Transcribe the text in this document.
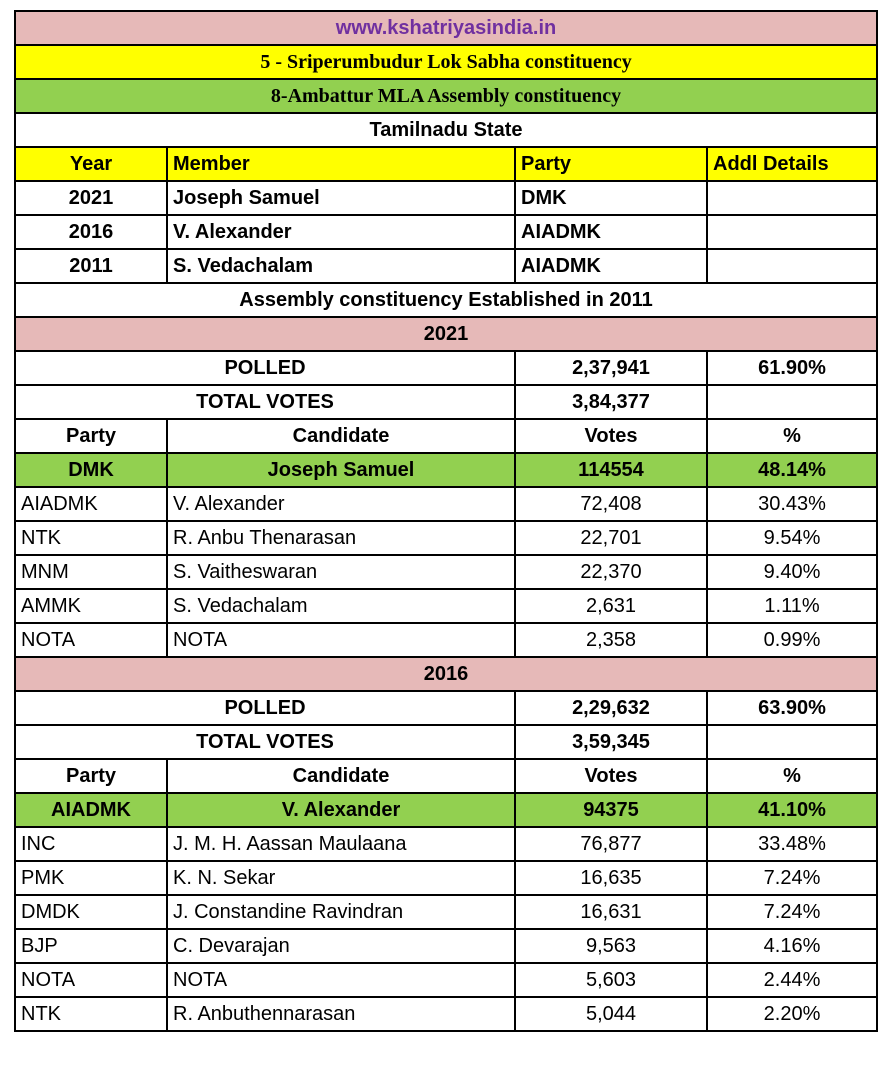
www.kshatriyasindia.in			
5 - Sriperumbudur Lok Sabha constituency			
8-Ambattur MLA Assembly constituency			
Tamilnadu State			
Year	Member	Party	Addl Details
2021	Joseph Samuel	DMK	
2016	V. Alexander	AIADMK	
2011	S. Vedachalam	AIADMK	
Assembly constituency Established in 2011			
2021			
POLLED		2,37,941	61.90%
TOTAL VOTES		3,84,377	
Party	Candidate	Votes	%
DMK	Joseph Samuel	114554	48.14%
AIADMK	V. Alexander	72,408	30.43%
NTK	R. Anbu Thenarasan	22,701	9.54%
MNM	S. Vaitheswaran	22,370	9.40%
AMMK	S. Vedachalam	2,631	1.11%
NOTA	NOTA	2,358	0.99%
2016			
POLLED		2,29,632	63.90%
TOTAL VOTES		3,59,345	
Party	Candidate	Votes	%
AIADMK	V. Alexander	94375	41.10%
INC	J. M. H. Aassan Maulaana	76,877	33.48%
PMK	K. N. Sekar	16,635	7.24%
DMDK	J. Constandine Ravindran	16,631	7.24%
BJP	C. Devarajan	9,563	4.16%
NOTA	NOTA	5,603	2.44%
NTK	R. Anbuthennarasan	5,044	2.20%
